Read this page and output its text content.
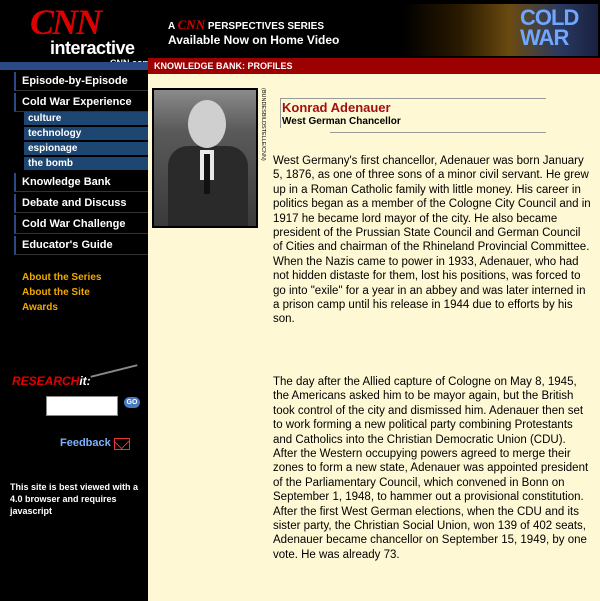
CNN
interactive
A CNN PERSPECTIVES SERIES
Available Now on Home Video
COLD
WAR
KNOWLEDGE BANK: PROFILES
Episode-by-Episode
Cold War Experience
culture
technology
espionage
the bomb
Knowledge Bank
Debate and Discuss
Cold War Challenge
Educator's Guide
About the Series
About the Site
Awards
RESEARCHit:
GO
Feedback
This site is best viewed with a 4.0 browser and requires javascript
(BUNDESBILDSTELLE/CNN) Konrad Adenauer
West German Chancellor
West Germany's first chancellor, Adenauer was born January 5, 1876, as one of three sons of a minor civil servant. He grew up in a Roman Catholic family with little money. His career in politics began as a member of the Cologne City Council and in 1917 he became lord mayor of the city. He also became president of the Prussian State Council and German Council of Cities and chairman of the Rhineland Provincial Committee. When the Nazis came to power in 1933, Adenauer, who had not hidden distaste for them, lost his positions, was forced to go into "exile" for a year in an abbey and was later interned in a prison camp until his release in 1944 due to efforts by his son.
The day after the Allied capture of Cologne on May 8, 1945, the Americans asked him to be mayor again, but the British took control of the city and dismissed him. Adenauer then set to work forming a new political party combining Protestants and Catholics into the Christian Democratic Union (CDU). After the Western occupying powers agreed to merge their zones to form a new state, Adenauer was appointed president of the Parliamentary Council, which convened in Bonn on September 1, 1948, to hammer out a provisional constitution. After the first West German elections, when the CDU and its sister party, the Christian Social Union, won 139 of 402 seats, Adenauer became chancellor on September 15, 1949, by one vote. He was already 73.
